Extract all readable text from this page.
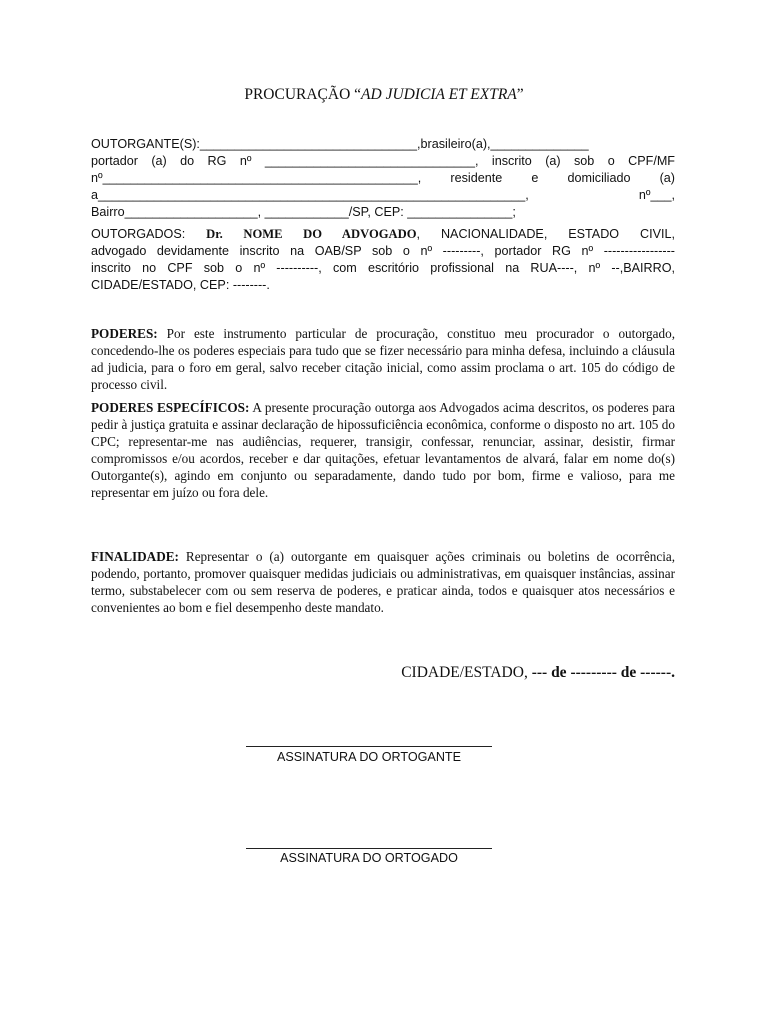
PROCURAÇÃO “AD JUDICIA ET EXTRA”
OUTORGANTE(S):_______________________________,brasileiro(a),______________
portador (a) do RG nº ______________________________, inscrito (a) sob o CPF/MF
nº_____________________________________________, residente e domiciliado (a)
a_____________________________________________________________, nº___,
Bairro___________________, ____________/SP, CEP: _______________;
OUTORGADOS: Dr. NOME DO ADVOGADO, NACIONALIDADE, ESTADO CIVIL,
advogado devidamente inscrito na OAB/SP sob o nº ---------, portador RG nº -----------------
inscrito no CPF sob o nº ----------, com escritório profissional na RUA----, nº --,BAIRRO,
CIDADE/ESTADO, CEP: --------.
PODERES: Por este instrumento particular de procuração, constituo meu procurador o outorgado, concedendo-lhe os poderes especiais para tudo que se fizer necessário para minha defesa, incluindo a cláusula ad judicia, para o foro em geral, salvo receber citação inicial, como assim proclama o art. 105 do código de processo civil.
PODERES ESPECÍFICOS: A presente procuração outorga aos Advogados acima descritos, os poderes para pedir à justiça gratuita e assinar declaração de hipossuficiência econômica, conforme o disposto no art. 105 do CPC; representar-me nas audiências, requerer, transigir, confessar, renunciar, assinar, desistir, firmar compromissos e/ou acordos, receber e dar quitações, efetuar levantamentos de alvará, falar em nome do(s) Outorgante(s), agindo em conjunto ou separadamente, dando tudo por bom, firme e valioso, para me representar em juízo ou fora dele.
FINALIDADE: Representar o (a) outorgante em quaisquer ações criminais ou boletins de ocorrência, podendo, portanto, promover quaisquer medidas judiciais ou administrativas, em quaisquer instâncias, assinar termo, substabelecer com ou sem reserva de poderes, e praticar ainda, todos e quaisquer atos necessários e convenientes ao bom e fiel desempenho deste mandato.
CIDADE/ESTADO, --- de --------- de ------.
ASSINATURA DO ORTOGANTE
ASSINATURA DO ORTOGADO
